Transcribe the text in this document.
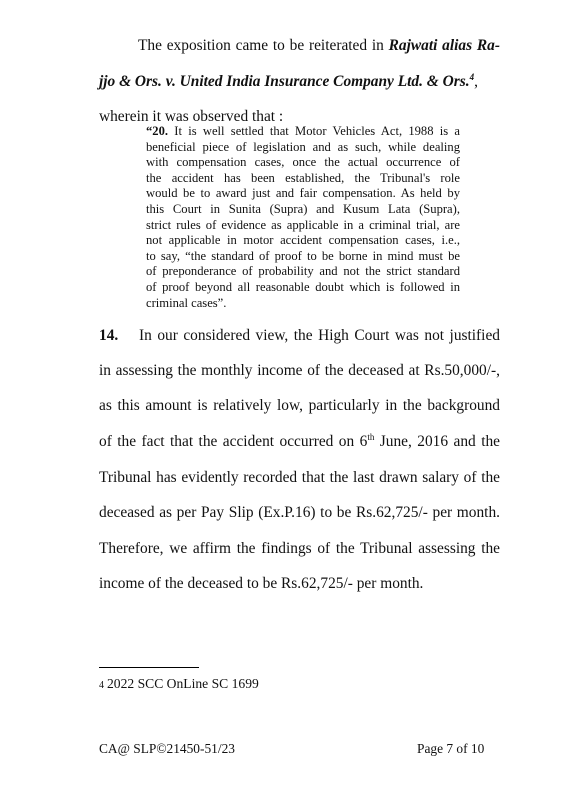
The exposition came to be reiterated in Rajwati alias Ra-
jjo & Ors. v. United India Insurance Company Ltd. & Ors.$^4$,
wherein it was observed that :
“20. It is well settled that Motor Vehicles Act, 1988 is a
beneficial piece of legislation and as such, while dealing
with compensation cases, once the actual occurrence of
the accident has been established, the Tribunal's role
would be to award just and fair compensation. As held by
this Court in Sunita (Supra) and Kusum Lata (Supra),
strict rules of evidence as applicable in a criminal trial, are
not applicable in motor accident compensation cases, i.e.,
to say, “the standard of proof to be borne in mind must be
of preponderance of probability and not the strict standard
of proof beyond all reasonable doubt which is followed in
criminal cases”.
14. In our considered view, the High Court was not justified
in assessing the monthly income of the deceased at Rs.50,000/-,
as this amount is relatively low, particularly in the background
of the fact that the accident occurred on 6th June, 2016 and the
Tribunal has evidently recorded that the last drawn salary of the
deceased as per Pay Slip (Ex.P.16) to be Rs.62,725/- per month.
Therefore, we affirm the findings of the Tribunal assessing the
income of the deceased to be Rs.62,725/- per month.
4 2022 SCC OnLine SC 1699
CA@ SLP©21450-51/23	Page 7 of 10
